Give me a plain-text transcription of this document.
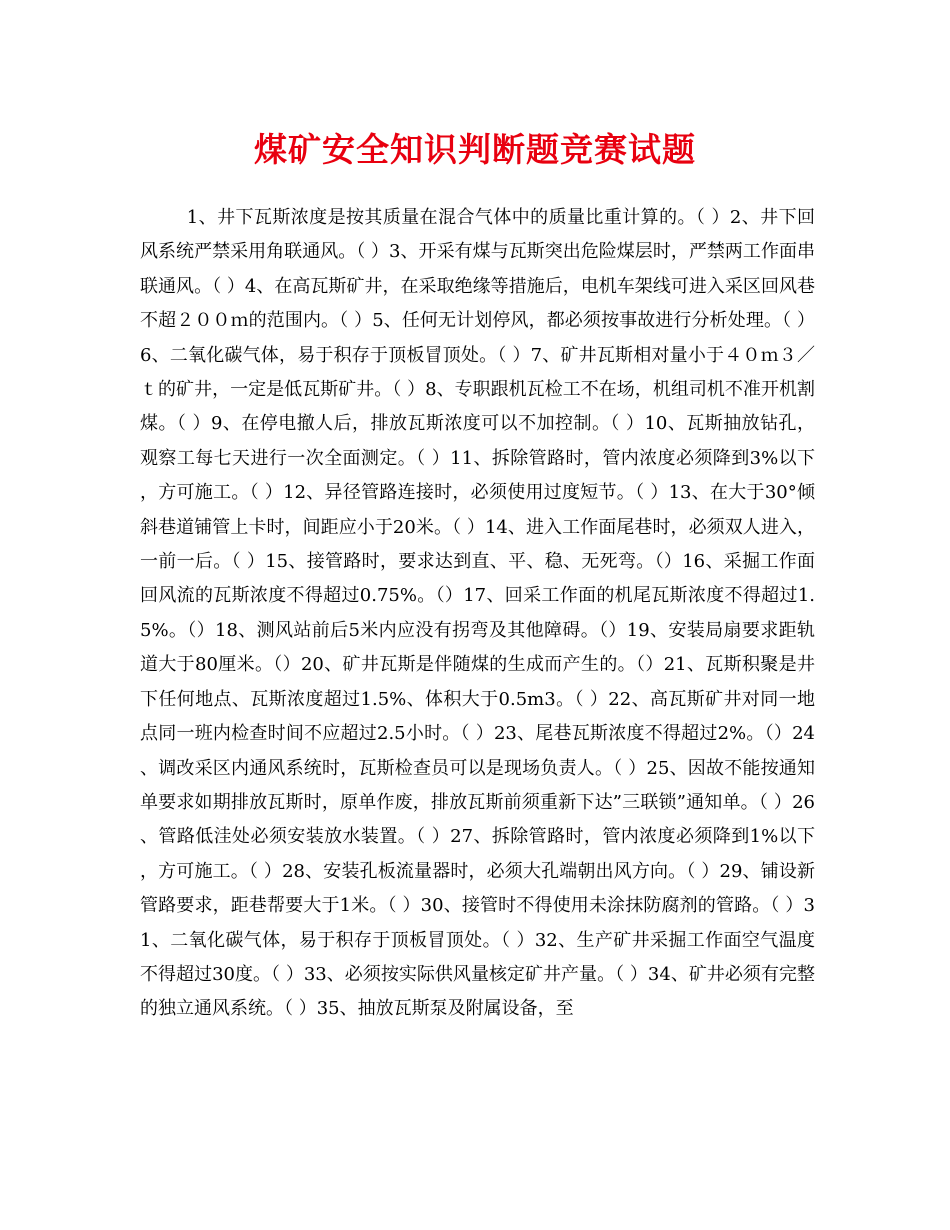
煤矿安全知识判断题竞赛试题

1、井下瓦斯浓度是按其质量在混合气体中的质量比重计算的。（ ）2、井下回风系统严禁采用角联通风。（ ）3、开采有煤与瓦斯突出危险煤层时，严禁两工作面串联通风。（ ）4、在高瓦斯矿井，在采取绝缘等措施后，电机车架线可进入采区回风巷不超２００ｍ的范围内。（ ）5、任何无计划停风，都必须按事故进行分析处理。（ ）6、二氧化碳气体，易于积存于顶板冒顶处。（ ）7、矿井瓦斯相对量小于４０ｍ３／ｔ的矿井，一定是低瓦斯矿井。（ ）8、专职跟机瓦检工不在场，机组司机不准开机割煤。（ ）9、在停电撤人后，排放瓦斯浓度可以不加控制。（ ）10、瓦斯抽放钻孔，观察工每七天进行一次全面测定。（ ）11、拆除管路时，管内浓度必须降到3%以下，方可施工。（ ）12、异径管路连接时，必须使用过度短节。（ ）13、在大于30°倾斜巷道铺管上卡时，间距应小于20米。（ ）14、进入工作面尾巷时，必须双人进入，一前一后。（ ）15、接管路时，要求达到直、平、稳、无死弯。（）16、采掘工作面回风流的瓦斯浓度不得超过0.75%。（）17、回采工作面的机尾瓦斯浓度不得超过1.5%。（）18、测风站前后5米内应没有拐弯及其他障碍。（）19、安装局扇要求距轨道大于80厘米。（）20、矿井瓦斯是伴随煤的生成而产生的。（）21、瓦斯积聚是井下任何地点、瓦斯浓度超过1.5%、体积大于0.5m3。（ ）22、高瓦斯矿井对同一地点同一班内检查时间不应超过2.5小时。（ ）23、尾巷瓦斯浓度不得超过2%。（）24、调改采区内通风系统时，瓦斯检查员可以是现场负责人。（ ）25、因故不能按通知单要求如期排放瓦斯时，原单作废，排放瓦斯前须重新下达”三联锁”通知单。（ ）26、管路低洼处必须安装放水装置。（ ）27、拆除管路时，管内浓度必须降到1%以下，方可施工。（ ）28、安装孔板流量器时，必须大孔端朝出风方向。（ ）29、铺设新管路要求，距巷帮要大于1米。（ ）30、接管时不得使用未涂抹防腐剂的管路。（ ）31、二氧化碳气体，易于积存于顶板冒顶处。（ ）32、生产矿井采掘工作面空气温度不得超过30度。（ ）33、必须按实际供风量核定矿井产量。（ ）34、矿井必须有完整的独立通风系统。（ ）35、抽放瓦斯泵及附属设备，至
